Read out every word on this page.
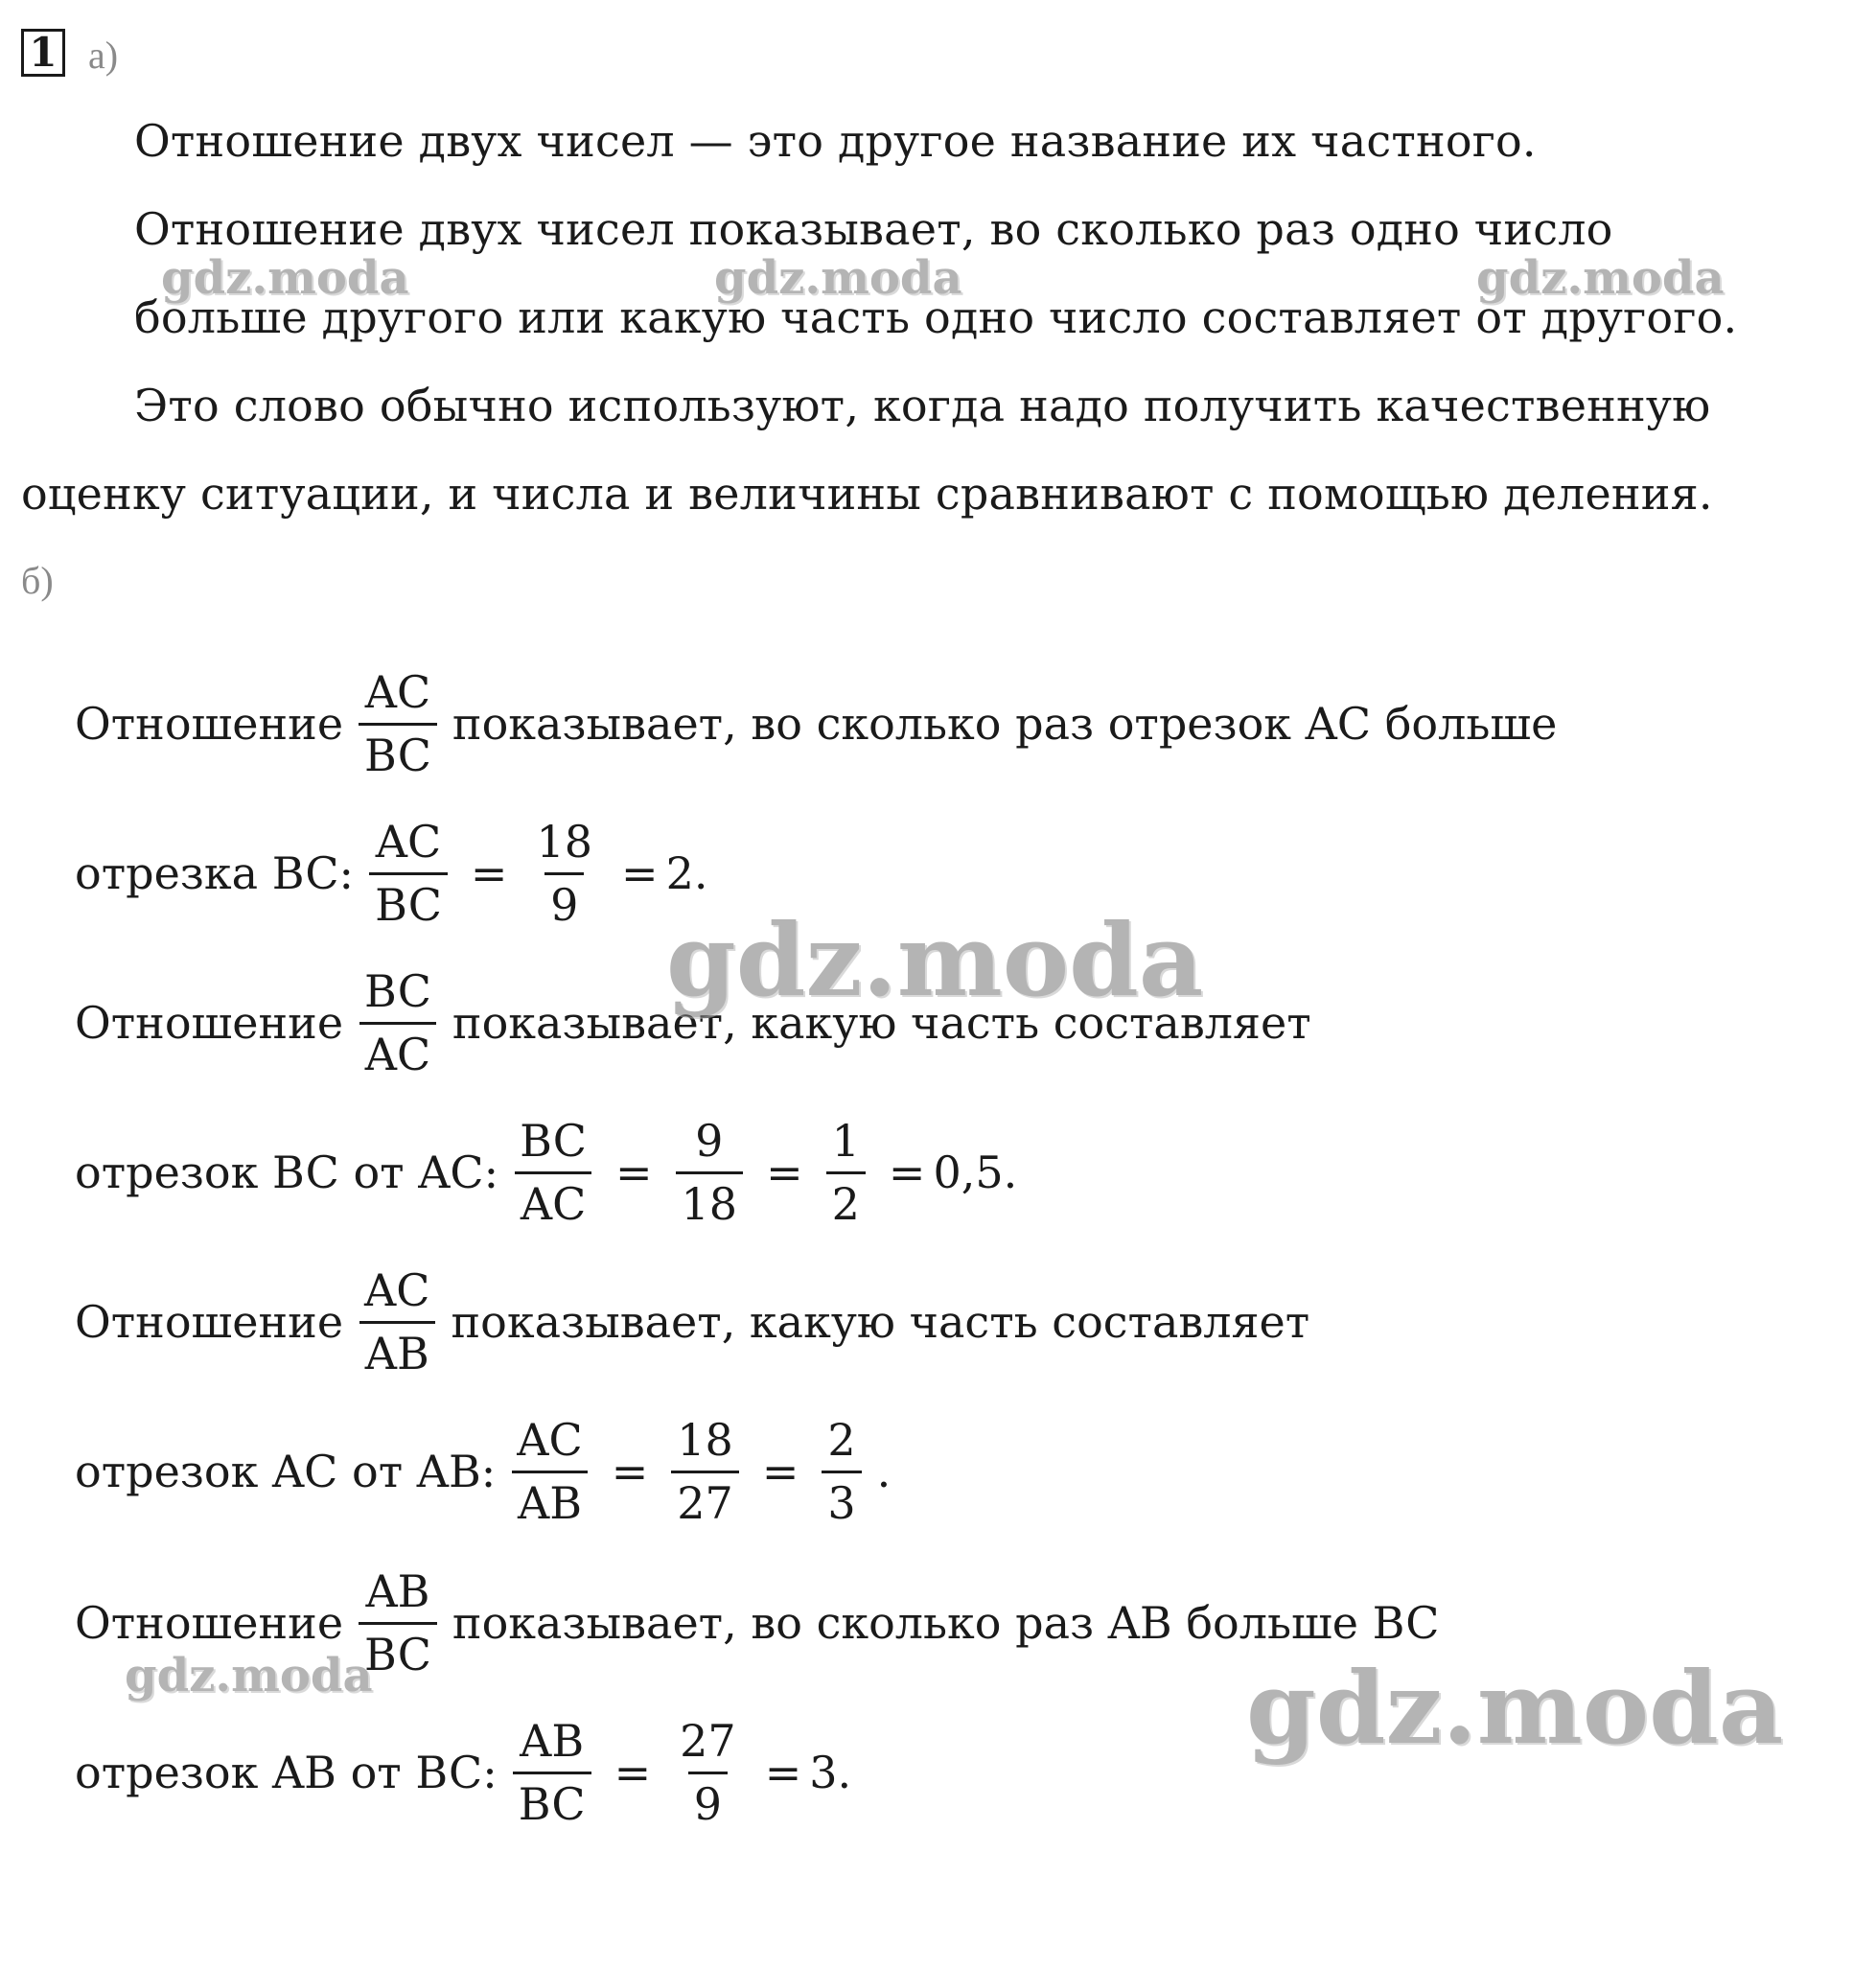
1 а)
Отношение двух чисел — это другое название их частного.
Отношение двух чисел показывает, во сколько раз одно число
больше другого или какую часть одно число составляет от другого.
Это слово обычно используют, когда надо получить качественную
оценку ситуации, и числа и величины сравнивают с помощью деления.
б)
Отношение $\frac{AC}{BC}$ показывает, во сколько раз отрезок AC больше
отрезка BC: $\frac{AC}{BC} = \frac{18}{9} = 2$.
Отношение $\frac{BC}{AC}$ показывает, какую часть составляет
отрезок BC от AC: $\frac{BC}{AC} = \frac{9}{18} = \frac{1}{2} = 0,5$.
Отношение $\frac{AC}{AB}$ показывает, какую часть составляет
отрезок AC от AB: $\frac{AC}{AB} = \frac{18}{27} = \frac{2}{3}$ .
Отношение $\frac{AB}{BC}$ показывает, во сколько раз AB больше BC
отрезок AB от BC: $\frac{AB}{BC} = \frac{27}{9} = 3$.
gdz.moda	gdz.moda	gdz.moda
gdz.moda
gdz.moda	gdz.moda
